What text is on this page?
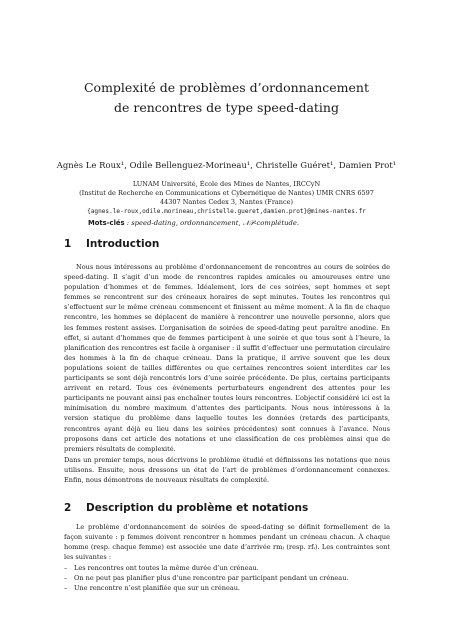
Complexité de problèmes d’ordonnancement
de rencontres de type speed-dating
Agnès Le Roux¹, Odile Bellenguez-Morineau¹, Christelle Guéret¹, Damien Prot¹
LUNAM Université, École des Mines de Nantes, IRCCyN
(Institut de Recherche en Communications et Cybernétique de Nantes) UMR CNRS 6597
44307 Nantes Cedex 3, Nantes (France)
{agnes.le-roux,odile.morineau,christelle.gueret,damien.prot}@mines-nantes.fr
Mots-clés : speed-dating, ordonnancement, 𝒩𝒫-complétude.
1 Introduction
Nous nous intéressons au problème d’ordonnancement de rencontres au cours de soirées de speed-dating. Il s’agit d’un mode de rencontres rapides amicales ou amoureuses entre une population d’hommes et de femmes. Idéalement, lors de ces soirées, sept hommes et sept femmes se rencontrent sur des créneaux horaires de sept minutes. Toutes les rencontres qui s’effectuent sur le même créneau commencent et finissent au même moment. À la fin de chaque rencontre, les hommes se déplacent de manière à rencontrer une nouvelle personne, alors que les femmes restent assises. L’organisation de soirées de speed-dating peut paraître anodine. En effet, si autant d’hommes que de femmes participent à une soirée et que tous sont à l’heure, la planification des rencontres est facile à organiser : il suffit d’effectuer une permutation circulaire des hommes à la fin de chaque créneau. Dans la pratique, il arrive souvent que les deux populations soient de tailles différentes ou que certaines rencontres soient interdites car les participants se sont déjà rencontrés lors d’une soirée précédente. De plus, certains participants arrivent en retard. Tous ces événements perturbateurs engendrent des attentes pour les participants ne pouvant ainsi pas enchaîner toutes leurs rencontres. L’objectif considéré ici est la minimisation du nombre maximum d’attentes des participants. Nous nous intéressons à la version statique du problème dans laquelle toutes les données (retards des participants, rencontres ayant déjà eu lieu dans les soirées précédentes) sont connues à l’avance. Nous proposons dans cet article des notations et une classification de ces problèmes ainsi que de premiers résultats de complexité.
Dans un premier temps, nous décrivons le problème étudié et définissons les notations que nous utilisons. Ensuite, nous dressons un état de l’art de problèmes d’ordonnancement connexes. Enfin, nous démontrons de nouveaux résultats de complexité.
2 Description du problème et notations
Le problème d’ordonnancement de soirées de speed-dating se définit formellement de la façon suivante : p femmes doivent rencontrer n hommes pendant un créneau chacun. À chaque homme (resp. chaque femme) est associée une date d’arrivée rmⱼ (resp. rfᵢ). Les contraintes sont les suivantes :
– Les rencontres ont toutes la même durée d’un créneau.
– On ne peut pas planifier plus d’une rencontre par participant pendant un créneau.
– Une rencontre n’est planifiée que sur un créneau.
